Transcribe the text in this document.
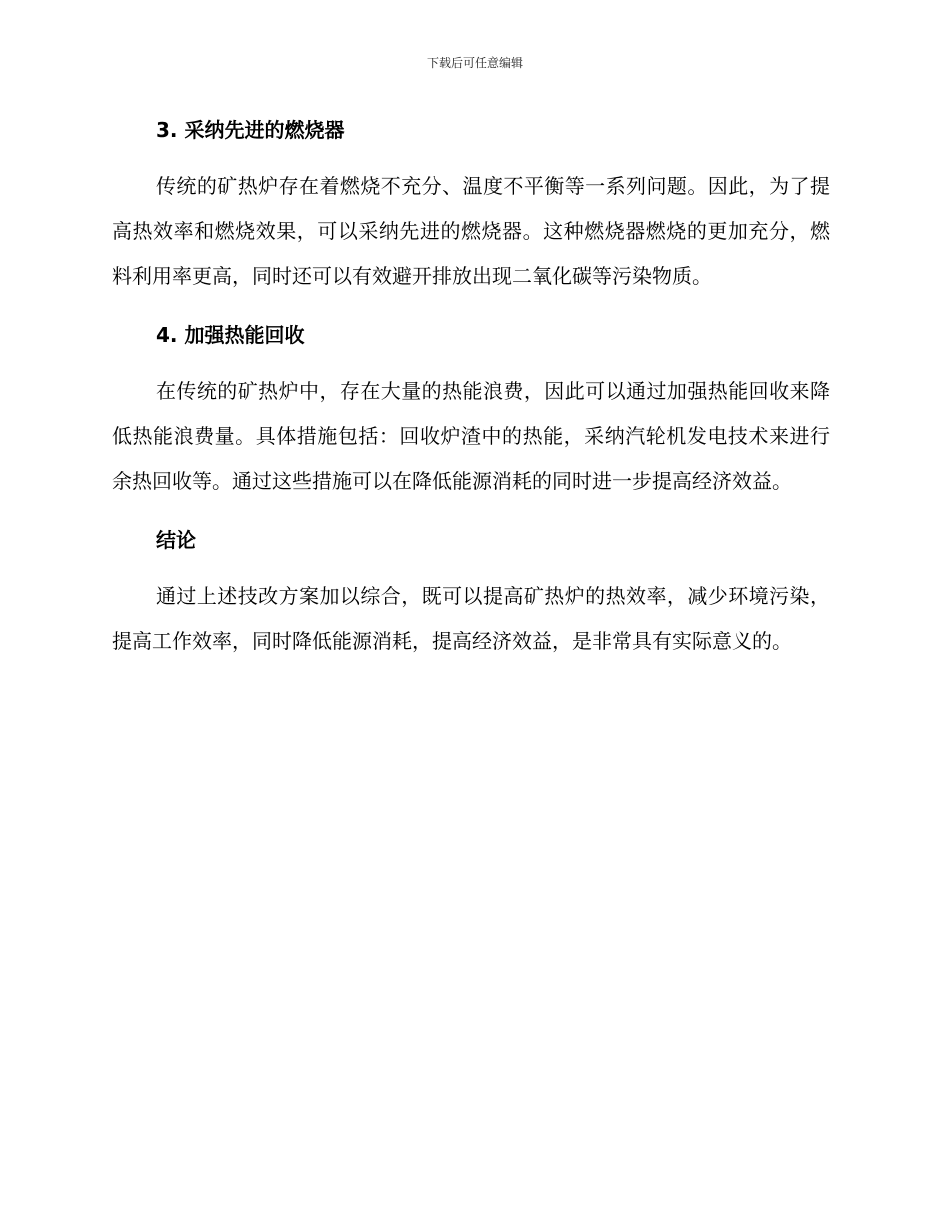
下载后可任意编辑
3. 采纳先进的燃烧器

传统的矿热炉存在着燃烧不充分、温度不平衡等一系列问题。因此，为了提高热效率和燃烧效果，可以采纳先进的燃烧器。这种燃烧器燃烧的更加充分，燃料利用率更高，同时还可以有效避开排放出现二氧化碳等污染物质。

4. 加强热能回收

在传统的矿热炉中，存在大量的热能浪费，因此可以通过加强热能回收来降低热能浪费量。具体措施包括：回收炉渣中的热能，采纳汽轮机发电技术来进行余热回收等。通过这些措施可以在降低能源消耗的同时进一步提高经济效益。

结论

通过上述技改方案加以综合，既可以提高矿热炉的热效率，减少环境污染，提高工作效率，同时降低能源消耗，提高经济效益，是非常具有实际意义的。
